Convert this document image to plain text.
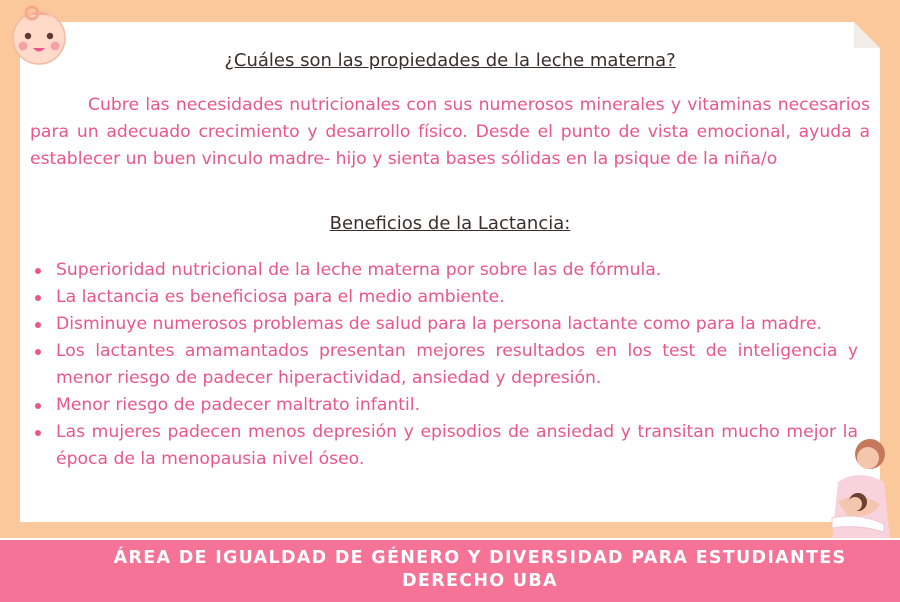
¿Cuáles son las propiedades de la leche materna?

Cubre las necesidades nutricionales con sus numerosos minerales y vitaminas necesarios para un adecuado crecimiento y desarrollo físico. Desde el punto de vista emocional, ayuda a establecer un buen vinculo madre- hijo y sienta bases sólidas en la psique de la niña/o

Beneficios de la Lactancia:
Superioridad nutricional de la leche materna por sobre las de fórmula.
La lactancia es beneficiosa para el medio ambiente.
Disminuye numerosos problemas de salud para la persona lactante como para la madre.
Los lactantes amamantados presentan mejores resultados en los test de inteligencia y menor riesgo de padecer hiperactividad, ansiedad y depresión.
Menor riesgo de padecer maltrato infantil.
Las mujeres padecen menos depresión y episodios de ansiedad y transitan mucho mejor la época de la menopausia nivel óseo.
ÁREA DE IGUALDAD DE GÉNERO Y DIVERSIDAD PARA ESTUDIANTES
DERECHO UBA
